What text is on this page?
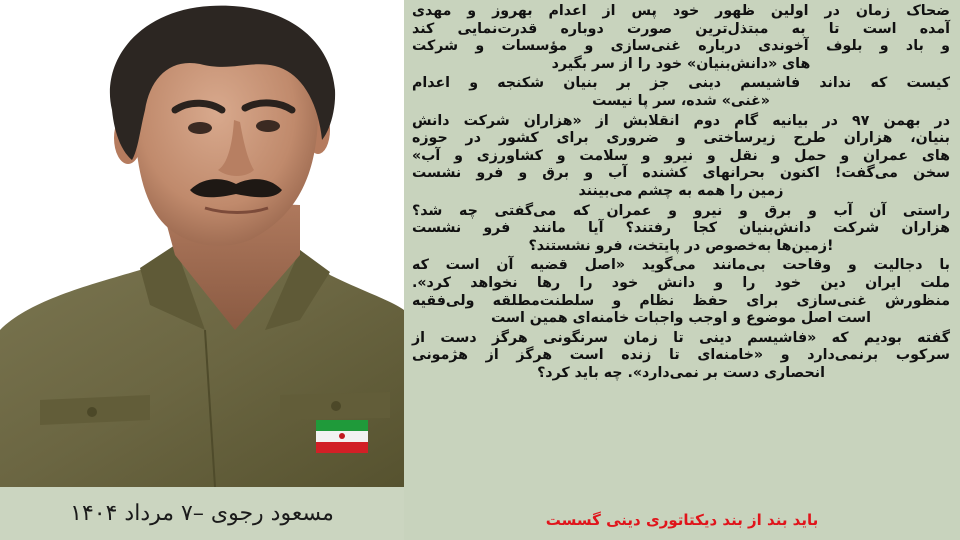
مسعود رجوی –۷ مرداد ۱۴۰۴

ضحاک زمان در اولین ظهور خود پس از اعدام بهروز و مهدی
آمده است تا به مبتذل‌ترین صورت دوباره قدرت‌نمایی کند
و باد و بلوف آخوندی درباره غنی‌سازی و مؤسسات و شرکت
های «دانش‌بنیان» خود را از سر بگیرد

کیست که نداند فاشیسم دینی جز بر بنیان شکنجه و اعدام
«غنی» شده، سر پا نیست

در بهمن ۹۷ در بیانیه گام دوم انقلابش از «هزاران شرکت دانش
بنیان، هزاران طرح زیرساختی و ضروری برای کشور در حوزه
های عمران و حمل و نقل و نیرو و سلامت و کشاورزی و آب»
سخن می‌گفت! اکنون بحرانهای کشنده آب و برق و فرو نشست
زمین را همه به چشم می‌بینند

راستی آن آب و برق و نیرو و عمران که می‌گفتی چه شد؟
هزاران شرکت دانش‌بنیان کجا رفتند؟ آیا مانند فرو نشست
!زمین‌ها به‌خصوص در پایتخت، فرو نشستند؟

با دجالیت و وقاحت بی‌مانند می‌گوید «اصل قضیه آن است که
ملت ایران دین خود را و دانش خود را رها نخواهد کرد».
منظورش غنی‌سازی برای حفظ نظام و سلطنت‌مطلقه ولی‌فقیه
است اصل موضوع و اوجب واجبات خامنه‌ای همین است

گفته بودیم که «فاشیسم دینی تا زمان سرنگونی هرگز دست از
سرکوب برنمی‌دارد و «خامنه‌ای تا زنده است هرگز از هژمونی
انحصاری دست بر نمی‌دارد». چه باید کرد؟

باید بند از بند دیکتاتوری دینی گسست
